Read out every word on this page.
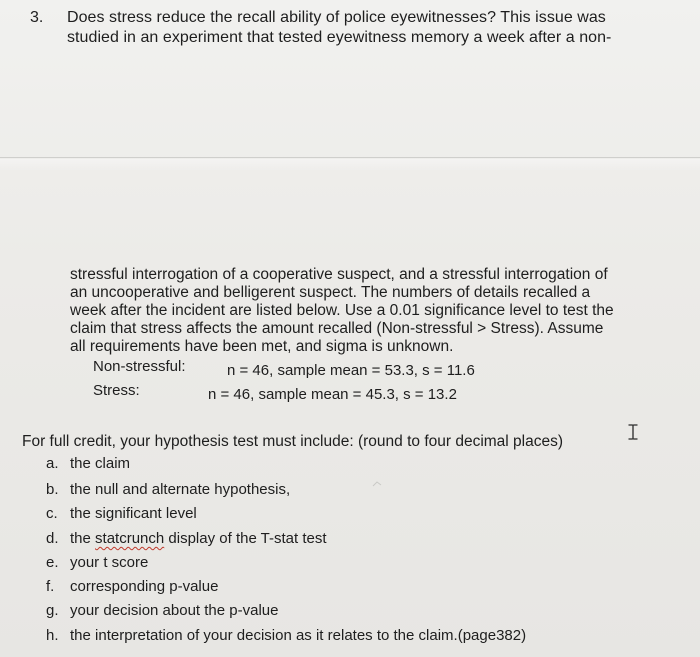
3. Does stress reduce the recall ability of police eyewitnesses? This issue was
studied in an experiment that tested eyewitness memory a week after a non-
stressful interrogation of a cooperative suspect, and a stressful interrogation of
an uncooperative and belligerent suspect. The numbers of details recalled a
week after the incident are listed below. Use a 0.01 significance level to test the
claim that stress affects the amount recalled (Non-stressful > Stress). Assume
all requirements have been met, and sigma is unknown.
Non-stressful:	n = 46, sample mean = 53.3, s = 11.6
Stress:	n = 46, sample mean = 45.3, s = 13.2
For full credit, your hypothesis test must include: (round to four decimal places)
a. the claim
b. the null and alternate hypothesis,
c. the significant level
d. the statcrunch display of the T-stat test
e. your t score
f. corresponding p-value
g. your decision about the p-value
h. the interpretation of your decision as it relates to the claim.(page382)
